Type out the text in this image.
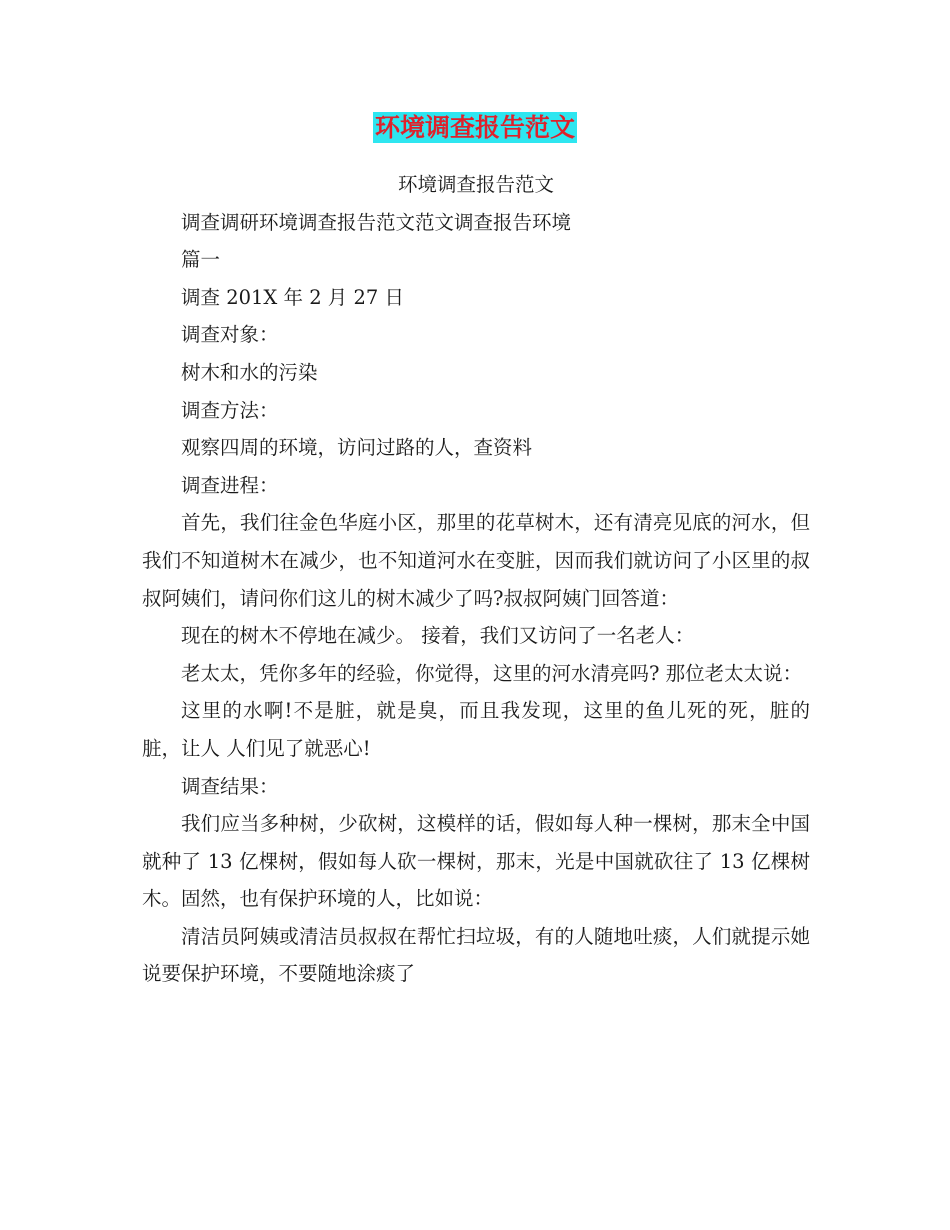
环境调查报告范文

环境调查报告范文

调查调研环境调查报告范文范文调查报告环境

篇一

调查 201X 年 2 月 27 日

调查对象：

树木和水的污染

调查方法：

观察四周的环境，访问过路的人，查资料

调查进程：

首先，我们往金色华庭小区，那里的花草树木，还有清亮见底的河水，但我们不知道树木在减少，也不知道河水在变脏，因而我们就访问了小区里的叔叔阿姨们，请问你们这儿的树木减少了吗?叔叔阿姨门回答道：

现在的树木不停地在减少。 接着，我们又访问了一名老人：

老太太，凭你多年的经验，你觉得，这里的河水清亮吗? 那位老太太说：

这里的水啊!不是脏，就是臭，而且我发现，这里的鱼儿死的死，脏的脏，让人 人们见了就恶心!

调查结果：

我们应当多种树，少砍树，这模样的话，假如每人种一棵树，那末全中国就种了 13 亿棵树，假如每人砍一棵树，那末，光是中国就砍往了 13 亿棵树木。固然，也有保护环境的人，比如说：

清洁员阿姨或清洁员叔叔在帮忙扫垃圾，有的人随地吐痰，人们就提示她说要保护环境，不要随地涂痰了
